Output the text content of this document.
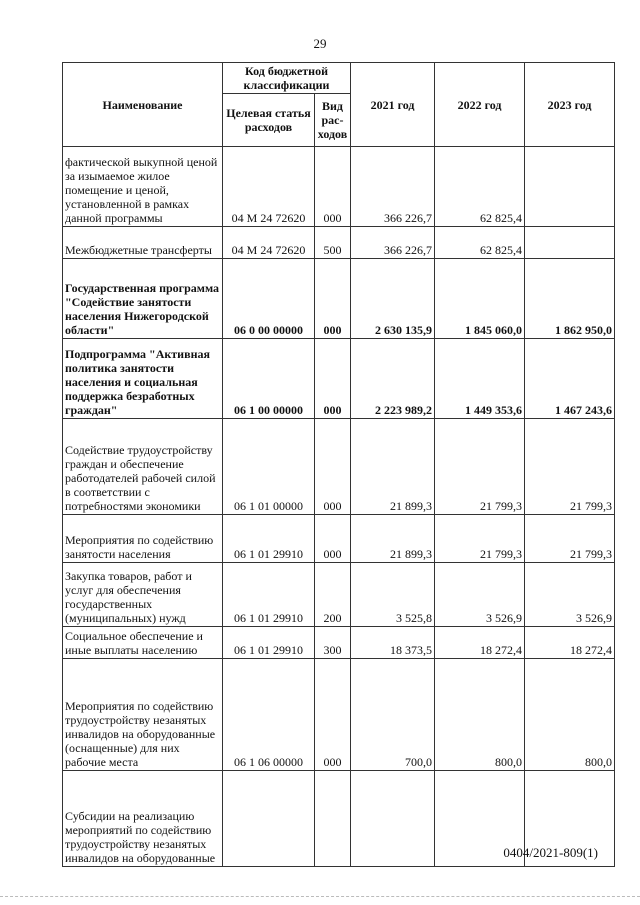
29
Наименование	Код бюджетной классификации		2021 год	2022 год	2023 год
	Целевая статья расходов	Вид рас-ходов			
фактической выкупной ценой за изымаемое жилое помещение и ценой, установленной в рамках данной программы	04 М 24 72620	000	366 226,7	62 825,4	
Межбюджетные трансферты	04 М 24 72620	500	366 226,7	62 825,4	
Государственная программа "Содействие занятости населения Нижегородской области"	06 0 00 00000	000	2 630 135,9	1 845 060,0	1 862 950,0
Подпрограмма "Активная политика занятости населения и социальная поддержка безработных граждан"	06 1 00 00000	000	2 223 989,2	1 449 353,6	1 467 243,6
Содействие трудоустройству граждан и обеспечение работодателей рабочей силой в соответствии с потребностями экономики	06 1 01 00000	000	21 899,3	21 799,3	21 799,3
Мероприятия по содействию занятости населения	06 1 01 29910	000	21 899,3	21 799,3	21 799,3
Закупка товаров, работ и услуг для обеспечения государственных (муниципальных) нужд	06 1 01 29910	200	3 525,8	3 526,9	3 526,9
Социальное обеспечение и иные выплаты населению	06 1 01 29910	300	18 373,5	18 272,4	18 272,4
Мероприятия по содействию трудоустройству незанятых инвалидов на оборудованные (оснащенные) для них рабочие места	06 1 06 00000	000	700,0	800,0	800,0
Субсидии на реализацию мероприятий по содействию трудоустройству незанятых инвалидов на оборудованные						0404/2021-809(1)
